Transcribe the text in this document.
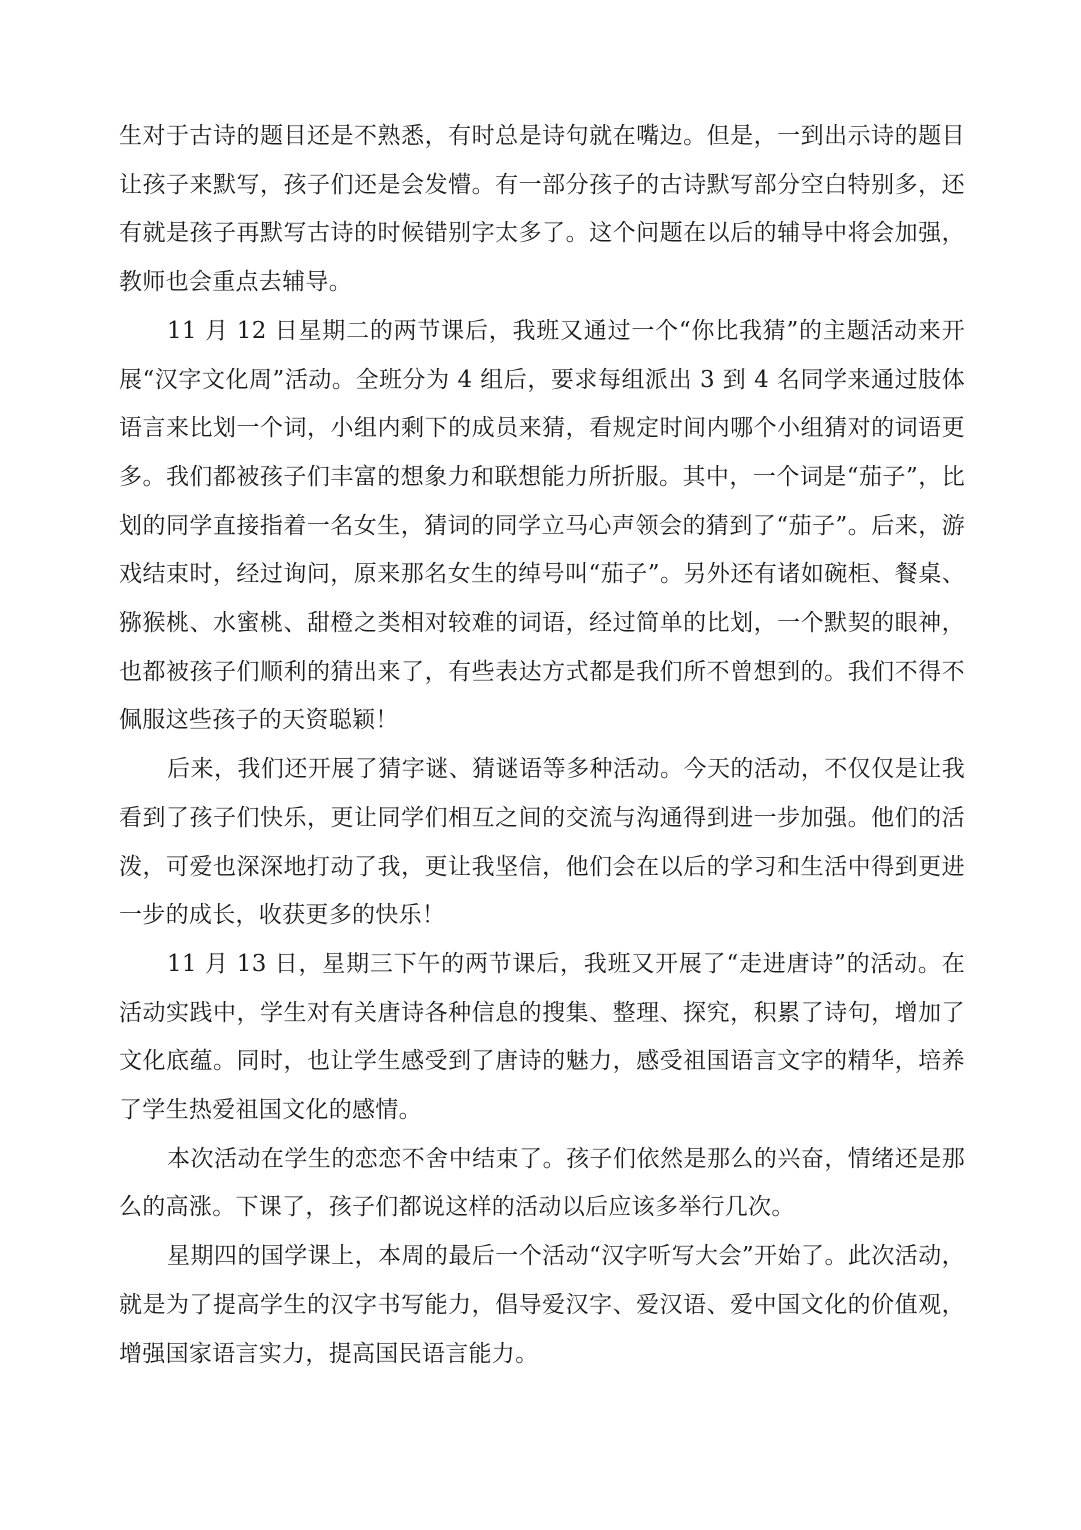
生对于古诗的题目还是不熟悉，有时总是诗句就在嘴边。但是，一到出示诗的题目让孩子来默写，孩子们还是会发懵。有一部分孩子的古诗默写部分空白特别多，还有就是孩子再默写古诗的时候错别字太多了。这个问题在以后的辅导中将会加强，教师也会重点去辅导。

11 月 12 日星期二的两节课后，我班又通过一个“你比我猜”的主题活动来开展“汉字文化周”活动。全班分为 4 组后，要求每组派出 3 到 4 名同学来通过肢体语言来比划一个词，小组内剩下的成员来猜，看规定时间内哪个小组猜对的词语更多。我们都被孩子们丰富的想象力和联想能力所折服。其中，一个词是“茄子”，比划的同学直接指着一名女生，猜词的同学立马心声领会的猜到了“茄子”。后来，游戏结束时，经过询问，原来那名女生的绰号叫“茄子”。另外还有诸如碗柜、餐桌、猕猴桃、水蜜桃、甜橙之类相对较难的词语，经过简单的比划，一个默契的眼神，也都被孩子们顺利的猜出来了，有些表达方式都是我们所不曾想到的。我们不得不佩服这些孩子的天资聪颖！

后来，我们还开展了猜字谜、猜谜语等多种活动。今天的活动，不仅仅是让我看到了孩子们快乐，更让同学们相互之间的交流与沟通得到进一步加强。他们的活泼，可爱也深深地打动了我，更让我坚信，他们会在以后的学习和生活中得到更进一步的成长，收获更多的快乐！

11 月 13 日，星期三下午的两节课后，我班又开展了“走进唐诗”的活动。在活动实践中，学生对有关唐诗各种信息的搜集、整理、探究，积累了诗句，增加了文化底蕴。同时，也让学生感受到了唐诗的魅力，感受祖国语言文字的精华，培养了学生热爱祖国文化的感情。

本次活动在学生的恋恋不舍中结束了。孩子们依然是那么的兴奋，情绪还是那么的高涨。下课了，孩子们都说这样的活动以后应该多举行几次。

星期四的国学课上，本周的最后一个活动“汉字听写大会”开始了。此次活动，就是为了提高学生的汉字书写能力，倡导爱汉字、爱汉语、爱中国文化的价值观，增强国家语言实力，提高国民语言能力。
